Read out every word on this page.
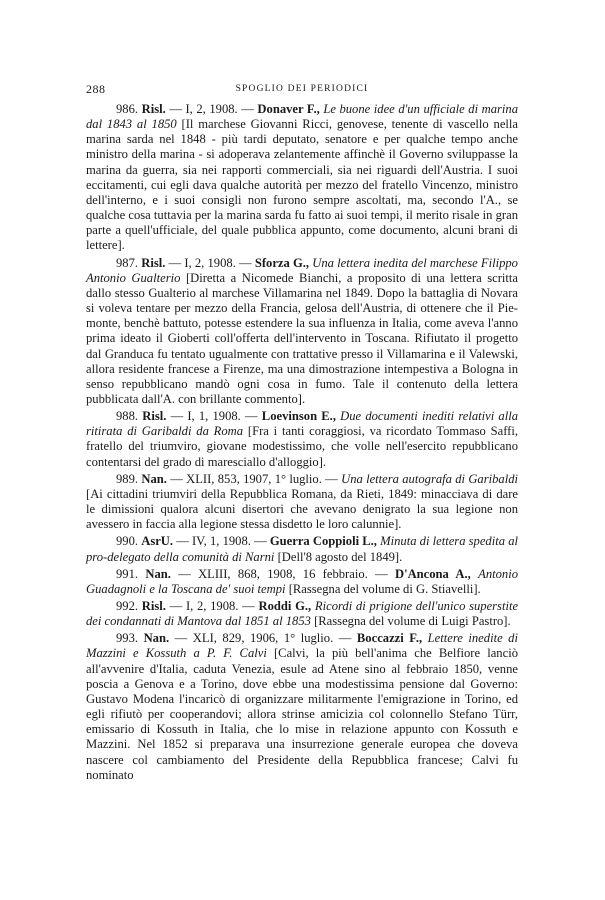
288	SPOGLIO DEI PERIODICI

986. Risl. — I, 2, 1908. — Donaver F., Le buone idee d'un ufficiale di marina dal 1843 al 1850 [Il marchese Giovanni Ricci, genovese, tenente di vascello nella marina sarda nel 1848 - più tardi deputato, senatore e per qualche tempo anche ministro della marina - si adoperava zelantemente affinchè il Governo sviluppasse la marina da guerra, sia nei rapporti commerciali, sia nei riguardi dell'Austria. I suoi eccitamenti, cui egli dava qualche autorità per mezzo del fratello Vincenzo, ministro dell'interno, e i suoi consigli non furono sempre ascoltati, ma, secondo l'A., se qualche cosa tuttavia per la marina sarda fu fatto ai suoi tempi, il merito risale in gran parte a quell'ufficiale, del quale pubblica appunto, come documento, alcuni brani di lettere].

987. Risl. — I, 2, 1908. — Sforza G., Una lettera inedita del marchese Filippo Antonio Gualterio [Diretta a Nicomede Bianchi, a proposito di una lettera scritta dallo stesso Gualterio al marchese Villamarina nel 1849. Dopo la battaglia di Novara si voleva tentare per mezzo della Francia, gelosa dell'Austria, di ottenere che il Piemonte, benchè battuto, potesse estendere la sua influenza in Italia, come aveva l'anno prima ideato il Gioberti coll'offerta dell'intervento in Toscana. Rifiutato il progetto dal Granduca fu tentato ugualmente con trattative presso il Villamarina e il Valewski, allora residente francese a Firenze, ma una dimostrazione intempestiva a Bologna in senso repubblicano mandò ogni cosa in fumo. Tale il contenuto della lettera pubblicata dall'A. con brillante commento].

988. Risl. — I, 1, 1908. — Loevinson E., Due documenti inediti relativi alla ritirata di Garibaldi da Roma [Fra i tanti coraggiosi, va ricordato Tommaso Saffi, fratello del triumviro, giovane modestissimo, che volle nell'esercito repubblicano contentarsi del grado di maresciallo d'alloggio].

989. Nan. — XLII, 853, 1907, 1° luglio. — Una lettera autografa di Garibaldi [Ai cittadini triumviri della Repubblica Romana, da Rieti, 1849: minacciava di dare le dimissioni qualora alcuni disertori che avevano denigrato la sua legione non avessero in faccia alla legione stessa disdetto le loro calunnie].

990. AsrU. — IV, 1, 1908. — Guerra Coppioli L., Minuta di lettera spedita al pro-delegato della comunità di Narni [Dell'8 agosto del 1849].

991. Nan. — XLIII, 868, 1908, 16 febbraio. — D'Ancona A., Antonio Guadagnoli e la Toscana de' suoi tempi [Rassegna del volume di G. Stiavelli].

992. Risl. — I, 2, 1908. — Roddi G., Ricordi di prigione dell'unico superstite dei condannati di Mantova dal 1851 al 1853 [Rassegna del volume di Luigi Pastro].

993. Nan. — XLI, 829, 1906, 1° luglio. — Boccazzi F., Lettere inedite di Mazzini e Kossuth a P. F. Calvi [Calvi, la più bell'anima che Belfiore lanciò all'avvenire d'Italia, caduta Venezia, esule ad Atene sino al febbraio 1850, venne poscia a Genova e a Torino, dove ebbe una modestissima pensione dal Governo: Gustavo Modena l'incaricò di organizzare militarmente l'emigrazione in Torino, ed egli rifiutò per cooperandovi; allora strinse amicizia col colonnello Stefano Türr, emissario di Kossuth in Italia, che lo mise in relazione appunto con Kossuth e Mazzini. Nel 1852 si preparava una insurrezione generale europea che doveva nascere col cambiamento del Presidente della Repubblica francese; Calvi fu nominato
